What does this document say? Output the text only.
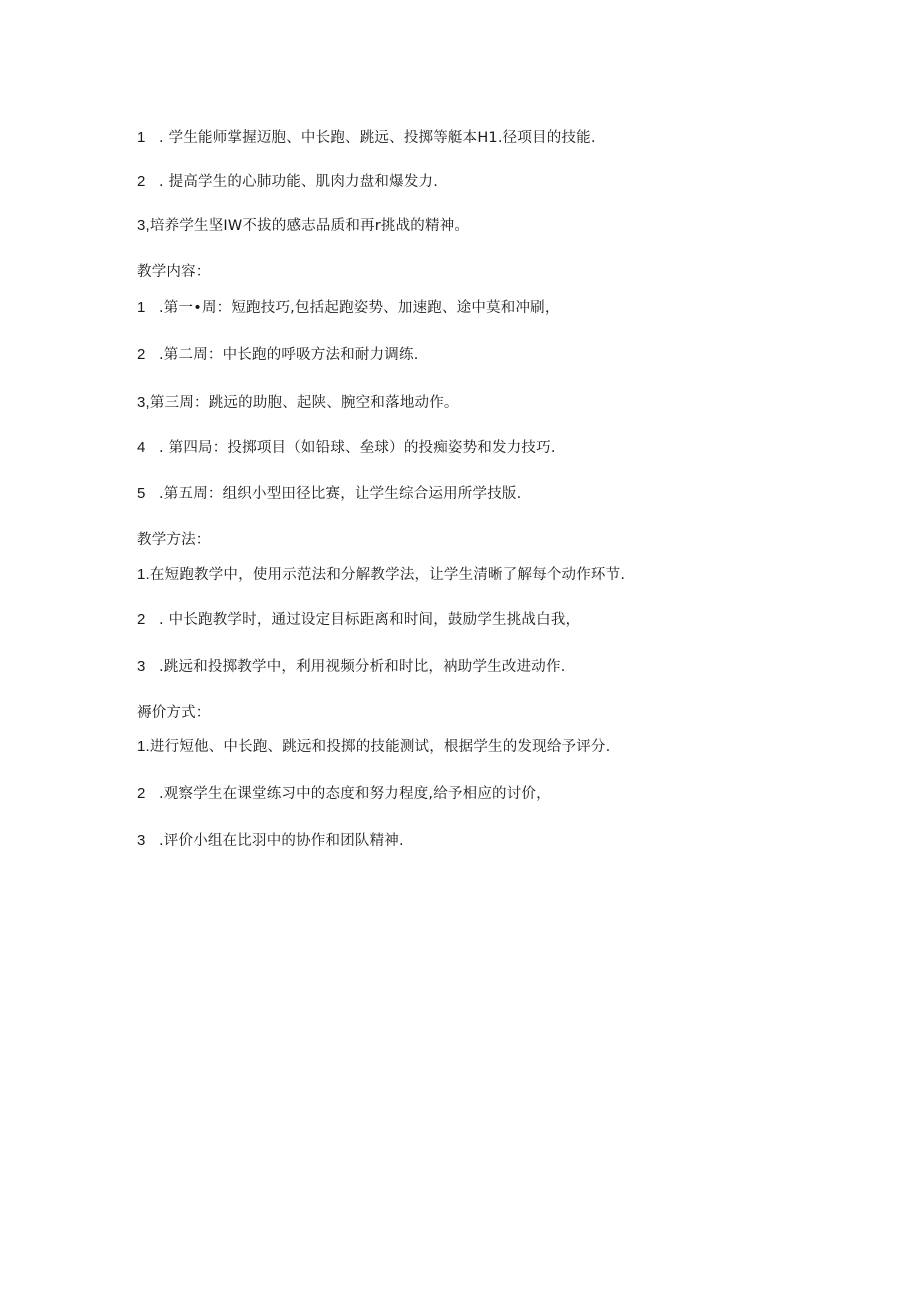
1 . 学生能师掌握迈胞、中长跑、跳远、投掷等艇本H1.径项目的技能.
2 . 提高学生的心肺功能、肌肉力盘和爆发力.
3,培养学生坚IW不拔的感志品质和再r挑战的精神。
教学内容：
1 .第一•周：短跑技巧,包括起跑姿势、加速跑、途中莫和冲刷，
2 .第二周：中长跑的呼吸方法和耐力调练.
3,第三周：跳远的助胞、起陕、腕空和落地动作。
4 . 第四局：投掷项目（如铅球、垒球）的投痴姿势和发力技巧.
5 .第五周：组织小型田径比赛，让学生综合运用所学技版.
教学方法：
1.在短跑教学中，使用示范法和分解教学法，让学生清晰了解每个动作环节.
2 . 中长跑教学时，通过设定目标距离和时间，鼓励学生挑战白我，
3 .跳远和投掷教学中，利用视频分析和时比，衲助学生改进动作.
褥价方式：
1.进行短他、中长跑、跳远和投掷的技能测试，根据学生的发现给予评分.
2 .观察学生在课堂练习中的态度和努力程度,给予相应的讨价，
3 .评价小组在比羽中的协作和团队精神.
